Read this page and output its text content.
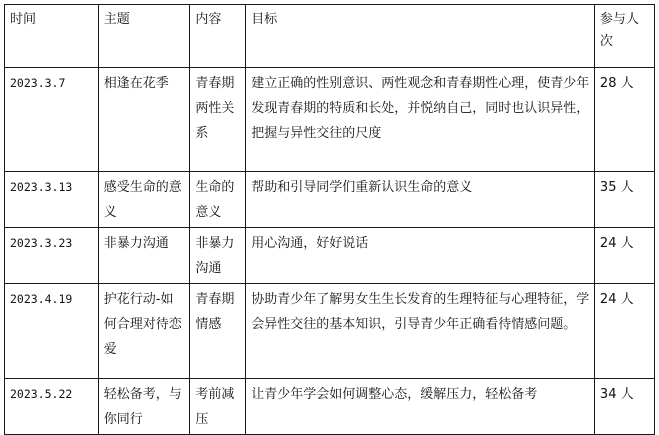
时间	主题	内容	目标	参与人次
2023.3.7	相逢在花季	青春期两性关系	建立正确的性别意识、两性观念和青春期性心理，使青少年发现青春期的特质和长处，并悦纳自己，同时也认识异性，把握与异性交往的尺度	28 人
2023.3.13	感受生命的意义	生命的意义	帮助和引导同学们重新认识生命的意义	35 人
2023.3.23	非暴力沟通	非暴力沟通	用心沟通，好好说话	24 人
2023.4.19	护花行动-如何合理对待恋爱	青春期情感	协助青少年了解男女生生长发育的生理特征与心理特征，学会异性交往的基本知识，引导青少年正确看待情感问题。	24 人
2023.5.22	轻松备考，与你同行	考前减压	让青少年学会如何调整心态，缓解压力，轻松备考	34 人
